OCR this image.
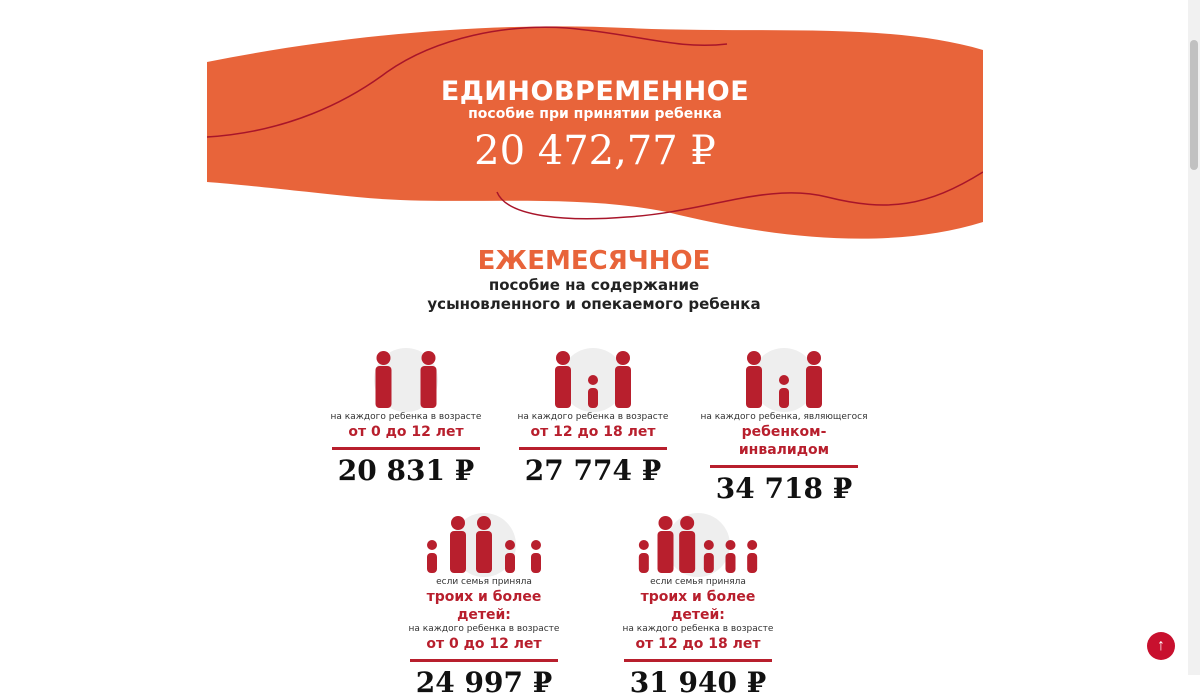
ЕДИНОВРЕМЕННОЕ
пособие при принятии ребенка
20 472,77 ₽
ЕЖЕМЕСЯЧНОЕ
пособие на содержание
усыновленного и опекаемого ребенка
на каждого ребенка в возрасте
от 0 до 12 лет
20 831 ₽
на каждого ребенка в возрасте
от 12 до 18 лет
27 774 ₽
на каждого ребенка, являющегося
ребенком-инвалидом
34 718 ₽
если семья приняла
троих и более детей:
на каждого ребенка в возрасте
от 0 до 12 лет
24 997 ₽
если семья приняла
троих и более детей:
на каждого ребенка в возрасте
от 12 до 18 лет
31 940 ₽
↑
